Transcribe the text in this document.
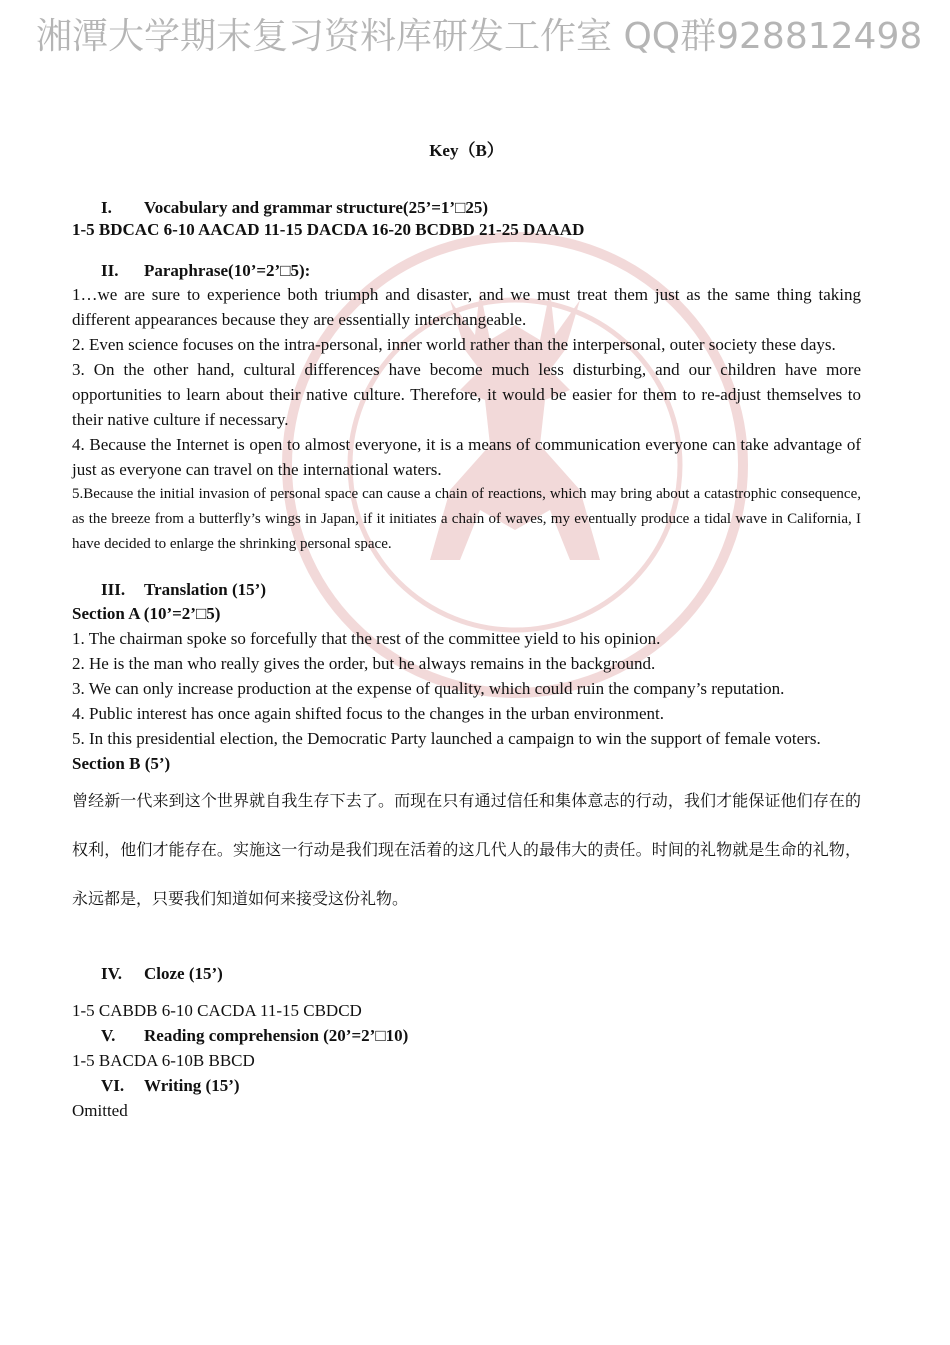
湘潭大学期末复习资料库研发工作室 QQ群928812498
Key（B）
I.	Vocabulary and grammar structure(25’=1’□25)
1-5 BDCAC 6-10 AACAD 11-15 DACDA 16-20 BCDBD 21-25 DAAAD
II.	Paraphrase(10’=2’□5):
1…we are sure to experience both triumph and disaster, and we must treat them just as the same thing taking different appearances because they are essentially interchangeable.
2. Even science focuses on the intra-personal, inner world rather than the interpersonal, outer society these days.
3. On the other hand, cultural differences have become much less disturbing, and our children have more opportunities to learn about their native culture. Therefore, it would be easier for them to re-adjust themselves to their native culture if necessary.
4. Because the Internet is open to almost everyone, it is a means of communication everyone can take advantage of just as everyone can travel on the international waters.
5.Because the initial invasion of personal space can cause a chain of reactions, which may bring about a catastrophic consequence, as the breeze from a butterfly’s wings in Japan, if it initiates a chain of waves, my eventually produce a tidal wave in California, I have decided to enlarge the shrinking personal space.
III.	Translation (15’)
Section A (10’=2’□5)
1. The chairman spoke so forcefully that the rest of the committee yield to his opinion.
2. He is the man who really gives the order, but he always remains in the background.
3. We can only increase production at the expense of quality, which could ruin the company’s reputation.
4. Public interest has once again shifted focus to the changes in the urban environment.
5. In this presidential election, the Democratic Party launched a campaign to win the support of female voters.
Section B (5’)
曾经新一代来到这个世界就自我生存下去了。而现在只有通过信任和集体意志的行动，我们才能保证他们存在的权利，他们才能存在。实施这一行动是我们现在活着的这几代人的最伟大的责任。时间的礼物就是生命的礼物，永远都是，只要我们知道如何来接受这份礼物。
IV.	Cloze (15’)
1-5 CABDB 6-10 CACDA 11-15 CBDCD
V.	Reading comprehension (20’=2’□10)
1-5 BACDA 6-10B BBCD
VI.	Writing (15’)
Omitted
